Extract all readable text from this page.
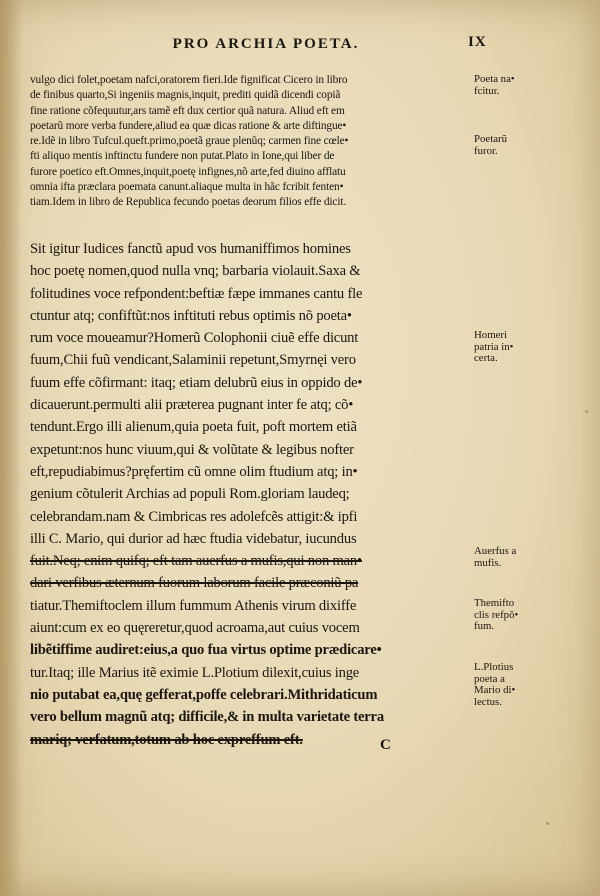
PRO ARCHIA POETA.	IX
vulgo dici folet,poetam nafci,oratorem fieri.Ide fignificat Cicero in libro
de finibus quarto,Si ingeniis magnis,inquit, prediti quidã dicendi copiã
fine ratione cõfequutur,ars tamẽ eft dux certior quã natura. Aliud eft em
poetarũ more verba fundere,aliud ea quæ dicas ratione & arte diftingue•
re.Idẽ in libro Tufcul.queft.primo,poetã graue plenũq; carmen fine cœle•
fti aliquo mentis inftinctu fundere non putat.Plato in Ione,qui liber de
furore poetico eft.Omnes,inquit,poetę infignes,nõ arte,fed diuino afflatu
omnia ifta præclara poemata canunt.aliaque multa in hãc fcribit fenten•
tiam.Idem in libro de Republica fecundo poetas deorum filios effe dicit.
Sit igitur Iudices fanctũ apud vos humaniffimos homines
hoc poetę nomen,quod nulla vnq; barbaria violauit.Saxa &
folitudines voce refpondent:beftiæ fæpe immanes cantu fle
ctuntur atq; confiftũt:nos inftituti rebus optimis nõ poeta•
rum voce moueamur?Homerũ Colophonii ciuẽ effe dicunt
fuum,Chii fuũ vendicant,Salaminii repetunt,Smyrnęi vero
fuum effe cõfirmant: itaq; etiam delubrũ eius in oppido de•
dicauerunt.permulti alii præterea pugnant inter fe atq; cõ•
tendunt.Ergo illi alienum,quia poeta fuit, poft mortem etiã
expetunt:nos hunc viuum,qui & volũtate & legibus nofter
eft,repudiabimus?pręfertim cũ omne olim ftudium atq; in•
genium cõtulerit Archias ad populi Rom.gloriam laudeq;
celebrandam.nam & Cimbricas res adolefcẽs attigit:& ipfi
illi C. Mario, qui durior ad hæc ftudia videbatur, iucundus
fuit.Neq; enim quifq; eft tam auerfus a mufis,qui non man•
dari verfibus æternum fuorum laborum facile præconiũ pa
tiatur.Themiftoclem illum fummum Athenis virum dixiffe
aiunt:cum ex eo quęreretur,quod acroama,aut cuius vocem
libẽtiffime audiret:eius,a quo fua virtus optime prædicare•
tur.Itaq; ille Marius itẽ eximie L.Plotium dilexit,cuius inge
nio putabat ea,quę gefferat,poffe celebrari.Mithridaticum
vero bellum magnũ atq; difficile,& in multa varietate terra
mariq; verfatum,totum ab hoc expreffum eft.
Poeta na•
fcitur.
Poetarũ
furor.
Homeri
patria in•
certa.
Auerfus a
mufis.
Themifto
clis refpõ•
fum.
L.Plotius
poeta a
Mario di•
lectus.
C
